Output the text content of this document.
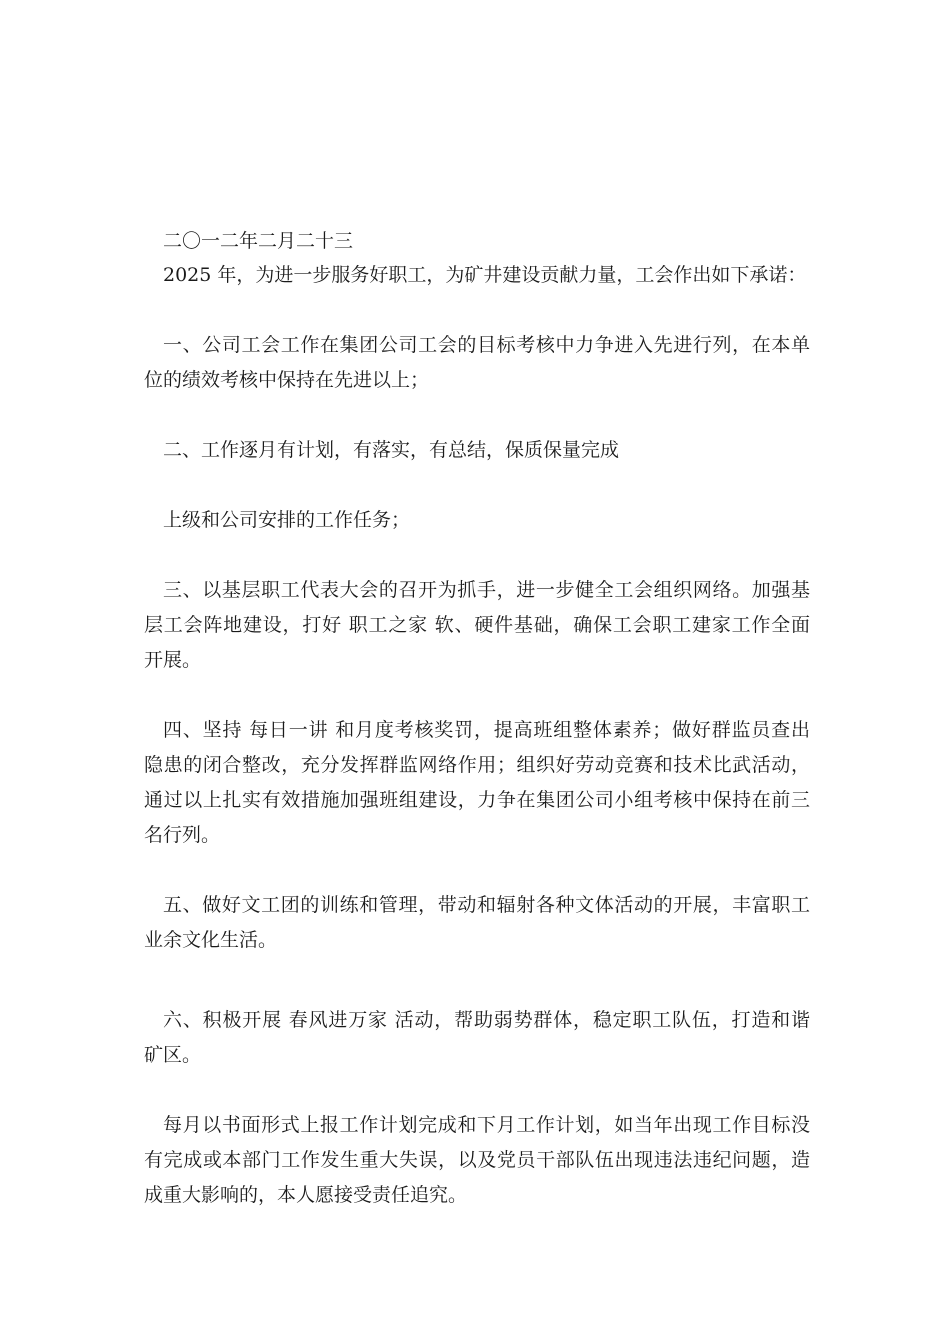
二〇一二年二月二十三
2025 年，为进一步服务好职工，为矿井建设贡献力量，工会作出如下承诺：
一、公司工会工作在集团公司工会的目标考核中力争进入先进行列，在本单
位的绩效考核中保持在先进以上；
二、工作逐月有计划，有落实，有总结，保质保量完成
上级和公司安排的工作任务；
三、以基层职工代表大会的召开为抓手，进一步健全工会组织网络。加强基
层工会阵地建设，打好 职工之家 软、硬件基础，确保工会职工建家工作全面
开展。
四、坚持 每日一讲 和月度考核奖罚，提高班组整体素养；做好群监员查出
隐患的闭合整改，充分发挥群监网络作用；组织好劳动竞赛和技术比武活动，
通过以上扎实有效措施加强班组建设，力争在集团公司小组考核中保持在前三
名行列。
五、做好文工团的训练和管理，带动和辐射各种文体活动的开展，丰富职工
业余文化生活。
六、积极开展 春风进万家 活动，帮助弱势群体，稳定职工队伍，打造和谐
矿区。
每月以书面形式上报工作计划完成和下月工作计划，如当年出现工作目标没
有完成或本部门工作发生重大失误，以及党员干部队伍出现违法违纪问题，造
成重大影响的，本人愿接受责任追究。
